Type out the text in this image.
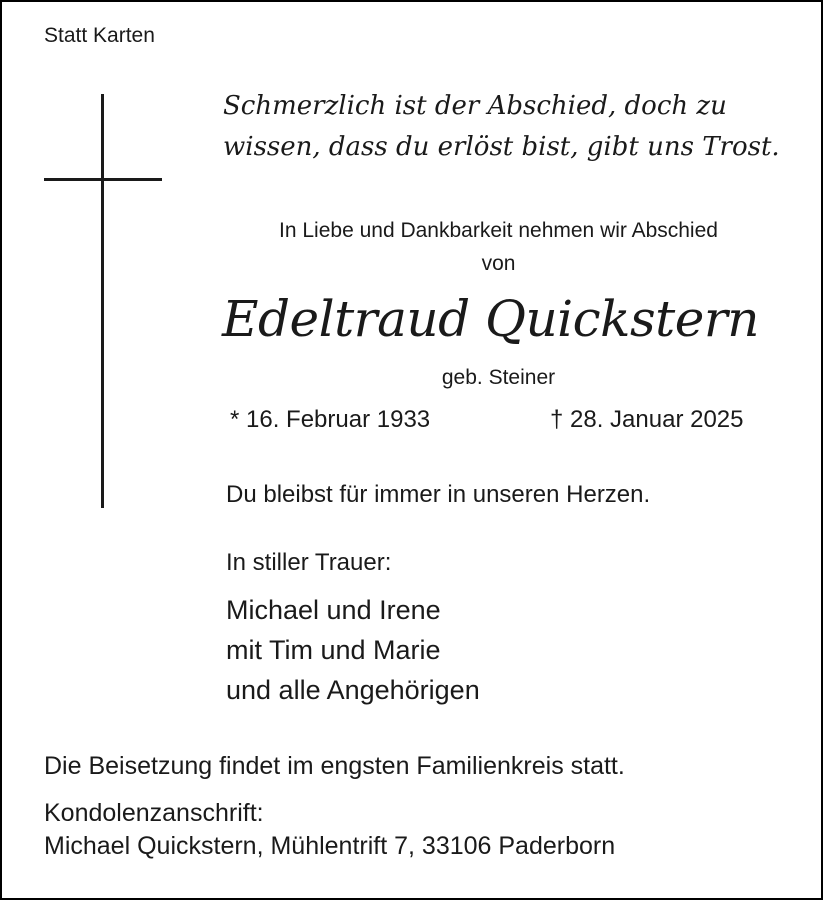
Statt Karten
Schmerzlich ist der Abschied, doch zu
wissen, dass du erlöst bist, gibt uns Trost.
In Liebe und Dankbarkeit nehmen wir Abschied
von
Edeltraud Quickstern
geb. Steiner
* 16. Februar 1933	† 28. Januar 2025
Du bleibst für immer in unseren Herzen.
In stiller Trauer:
Michael und Irene
mit Tim und Marie
und alle Angehörigen
Die Beisetzung findet im engsten Familienkreis statt.
Kondolenzanschrift:
Michael Quickstern, Mühlentrift 7, 33106 Paderborn
